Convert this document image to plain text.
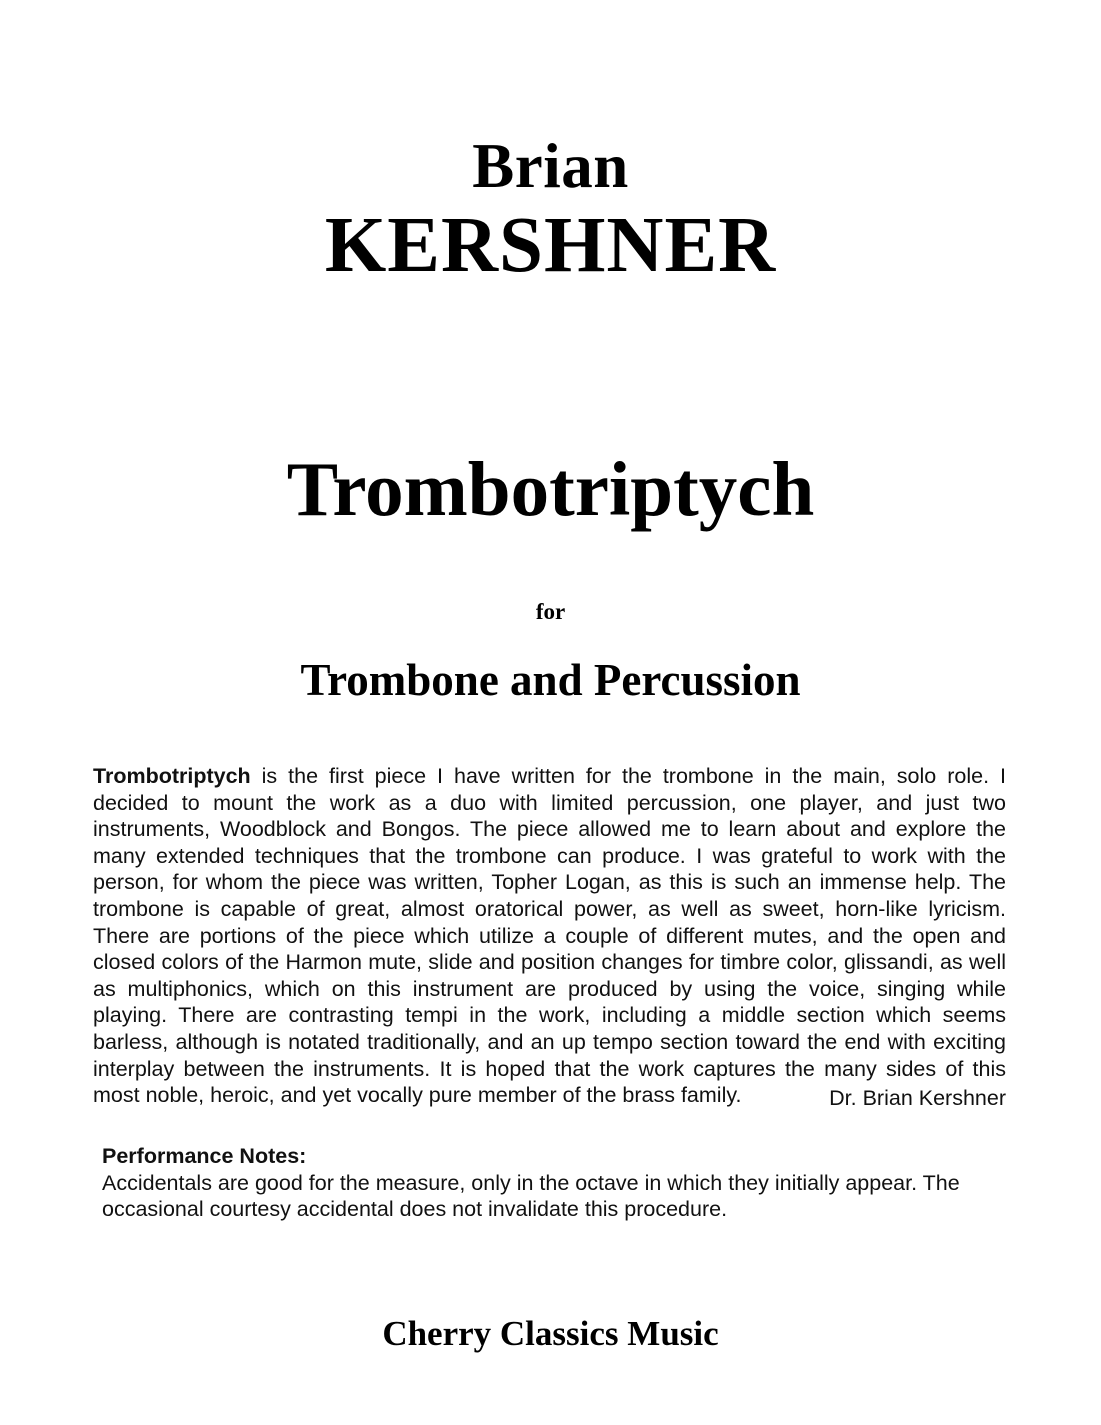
Brian
KERSHNER
Trombotriptych
for
Trombone and Percussion
Trombotriptych is the first piece I have written for the trombone in the main, solo role. I decided to mount the work as a duo with limited percussion, one player, and just two instruments, Woodblock and Bongos. The piece allowed me to learn about and explore the many extended techniques that the trombone can produce. I was grateful to work with the person, for whom the piece was written, Topher Logan, as this is such an immense help. The trombone is capable of great, almost oratorical power, as well as sweet, horn-like lyricism. There are portions of the piece which utilize a couple of different mutes, and the open and closed colors of the Harmon mute, slide and position changes for timbre color, glissandi, as well as multiphonics, which on this instrument are produced by using the voice, singing while playing. There are contrasting tempi in the work, including a middle section which seems barless, although is notated traditionally, and an up tempo section toward the end with exciting interplay between the instruments. It is hoped that the work captures the many sides of this most noble, heroic, and yet vocally pure member of the brass family.	Dr. Brian Kershner
Performance Notes:
Accidentals are good for the measure, only in the octave in which they initially appear. The occasional courtesy accidental does not invalidate this procedure.
Cherry Classics Music
